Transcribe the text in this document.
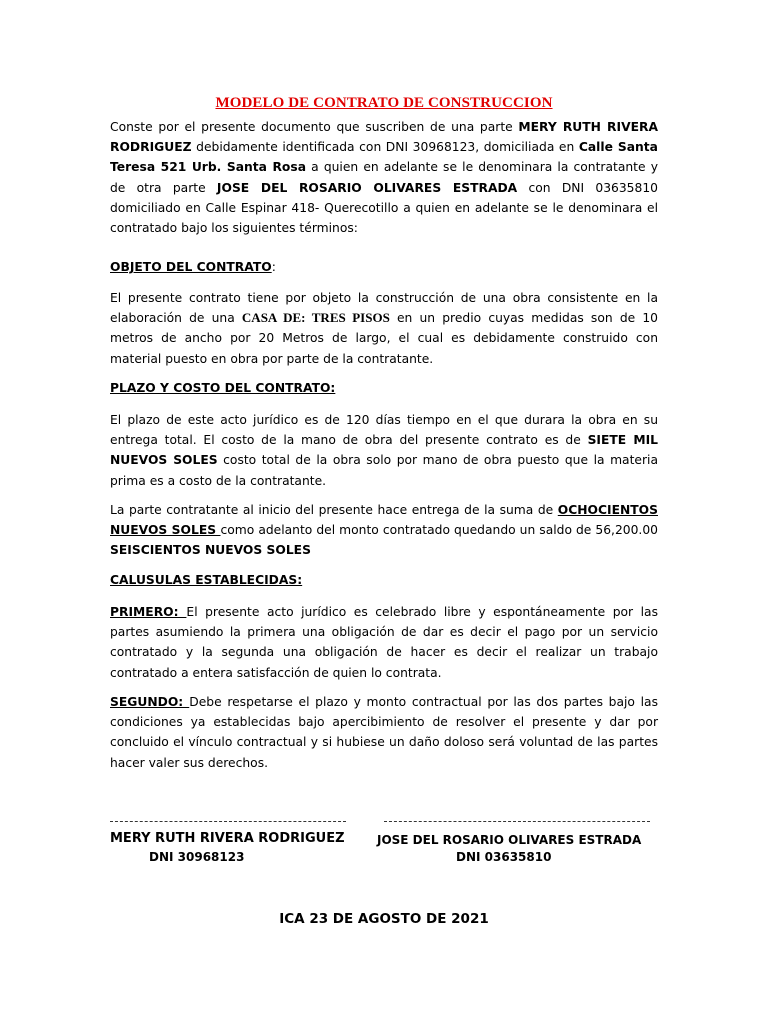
MODELO DE CONTRATO DE CONSTRUCCION

Conste por el presente documento que suscriben de una parte MERY RUTH RIVERA RODRIGUEZ debidamente identificada con DNI 30968123, domiciliada en Calle Santa Teresa 521 Urb. Santa Rosa a quien en adelante se le denominara la contratante y de otra parte JOSE DEL ROSARIO OLIVARES ESTRADA con DNI 03635810 domiciliado en Calle Espinar 418- Querecotillo a quien en adelante se le denominara el contratado bajo los siguientes términos:

OBJETO DEL CONTRATO:

El presente contrato tiene por objeto la construcción de una obra consistente en la elaboración de una CASA DE: TRES PISOS en un predio cuyas medidas son de 10 metros de ancho por 20 Metros de largo, el cual es debidamente construido con material puesto en obra por parte de la contratante.

PLAZO Y COSTO DEL CONTRATO:

El plazo de este acto jurídico es de 120 días tiempo en el que durara la obra en su entrega total. El costo de la mano de obra del presente contrato es de SIETE MIL NUEVOS SOLES costo total de la obra solo por mano de obra puesto que la materia prima es a costo de la contratante.

La parte contratante al inicio del presente hace entrega de la suma de OCHOCIENTOS NUEVOS SOLES como adelanto del monto contratado quedando un saldo de 56,200.00 SEISCIENTOS NUEVOS SOLES

CALUSULAS ESTABLECIDAS:

PRIMERO: El presente acto jurídico es celebrado libre y espontáneamente por las partes asumiendo la primera una obligación de dar es decir el pago por un servicio contratado y la segunda una obligación de hacer es decir el realizar un trabajo contratado a entera satisfacción de quien lo contrata.

SEGUNDO: Debe respetarse el plazo y monto contractual por las dos partes bajo las condiciones ya establecidas bajo apercibimiento de resolver el presente y dar por concluido el vínculo contractual y si hubiese un daño doloso será voluntad de las partes hacer valer sus derechos.

MERY RUTH RIVERA RODRIGUEZ	JOSE DEL ROSARIO OLIVARES ESTRADA
DNI 30968123	DNI 03635810
ICA 23 DE AGOSTO DE 2021
